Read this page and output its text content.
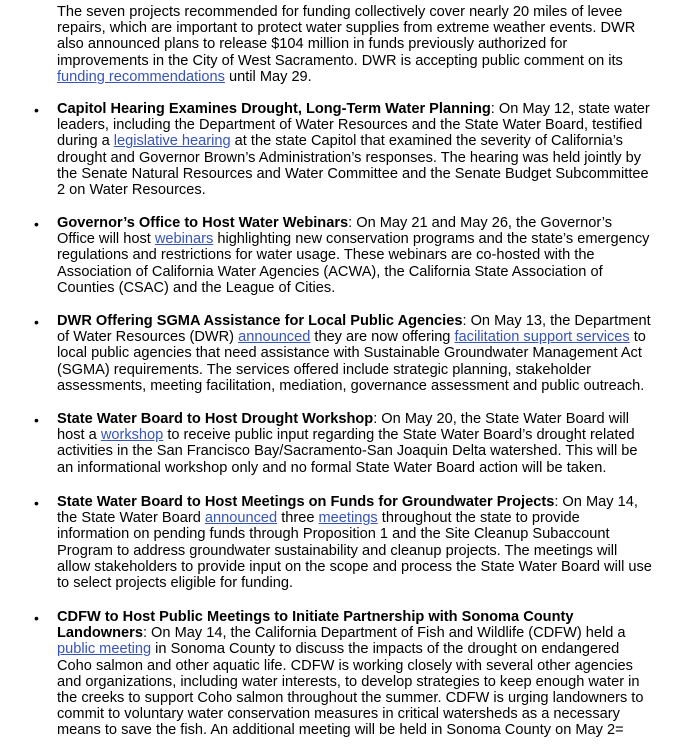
The seven projects recommended for funding collectively cover nearly 20 miles of levee repairs, which are important to protect water supplies from extreme weather events. DWR also announced plans to release $104 million in funds previously authorized for improvements in the City of West Sacramento. DWR is accepting public comment on its funding recommendations until May 29.

• Capitol Hearing Examines Drought, Long-Term Water Planning: On May 12, state water leaders, including the Department of Water Resources and the State Water Board, testified during a legislative hearing at the state Capitol that examined the severity of California’s drought and Governor Brown’s Administration’s responses. The hearing was held jointly by the Senate Natural Resources and Water Committee and the Senate Budget Subcommittee 2 on Water Resources.

• Governor’s Office to Host Water Webinars: On May 21 and May 26, the Governor’s Office will host webinars highlighting new conservation programs and the state’s emergency regulations and restrictions for water usage. These webinars are co-hosted with the Association of California Water Agencies (ACWA), the California State Association of Counties (CSAC) and the League of Cities.

• DWR Offering SGMA Assistance for Local Public Agencies: On May 13, the Department of Water Resources (DWR) announced they are now offering facilitation support services to local public agencies that need assistance with Sustainable Groundwater Management Act (SGMA) requirements. The services offered include strategic planning, stakeholder assessments, meeting facilitation, mediation, governance assessment and public outreach.

• State Water Board to Host Drought Workshop: On May 20, the State Water Board will host a workshop to receive public input regarding the State Water Board’s drought related activities in the San Francisco Bay/Sacramento-San Joaquin Delta watershed. This will be an informational workshop only and no formal State Water Board action will be taken.

• State Water Board to Host Meetings on Funds for Groundwater Projects: On May 14, the State Water Board announced three meetings throughout the state to provide information on pending funds through Proposition 1 and the Site Cleanup Subaccount Program to address groundwater sustainability and cleanup projects. The meetings will allow stakeholders to provide input on the scope and process the State Water Board will use to select projects eligible for funding.

• CDFW to Host Public Meetings to Initiate Partnership with Sonoma County Landowners: On May 14, the California Department of Fish and Wildlife (CDFW) held a public meeting in Sonoma County to discuss the impacts of the drought on endangered Coho salmon and other aquatic life. CDFW is working closely with several other agencies and organizations, including water interests, to develop strategies to keep enough water in the creeks to support Coho salmon throughout the summer. CDFW is urging landowners to commit to voluntary water conservation measures in critical watersheds as a necessary means to save the fish. An additional meeting will be held in Sonoma County on May 2=
